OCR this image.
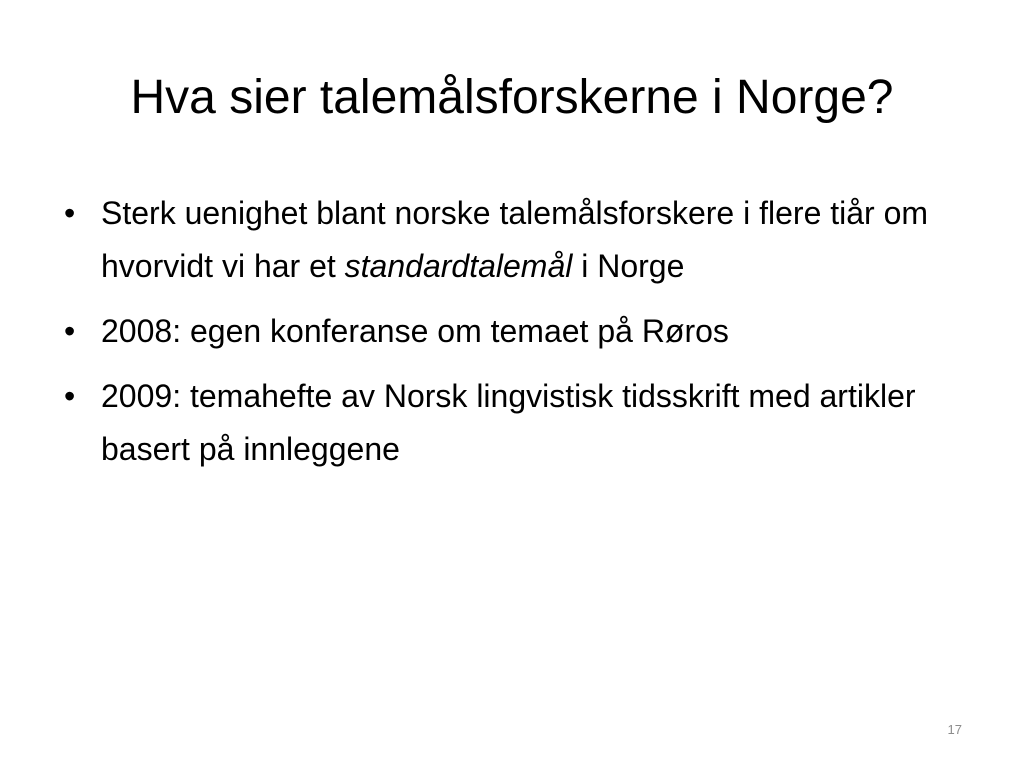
Hva sier talemålsforskerne i Norge?
• Sterk uenighet blant norske talemålsforskere i flere tiår om hvorvidt vi har et standardtalemål i Norge
• 2008: egen konferanse om temaet på Røros
• 2009: temahefte av Norsk lingvistisk tidsskrift med artikler basert på innleggene
17
